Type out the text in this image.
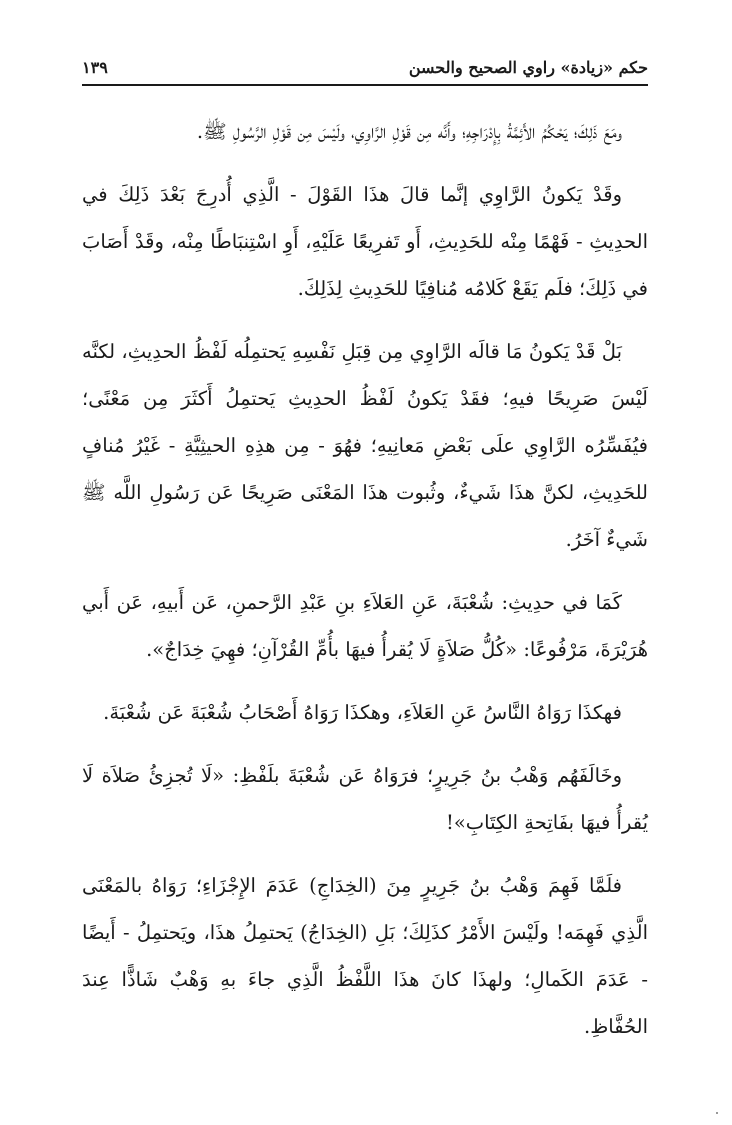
حكم «زيادة» راوي الصحيح والحسن
١٣٩

ومَعَ ذَلِكَ؛ يَحْكُمُ الأَئِمَّةُ بِإِدْرَاجِهِ؛ وأَنَّه مِن قَوْلِ الرَّاوِي، ولَيْسَ مِن قَوْلِ الرَّسُولِ ﷺ.

وقَدْ يَكونُ الرَّاوِي إنَّما قالَ هذَا القَوْلَ - الَّذِي أُدرِجَ بَعْدَ ذَلِكَ في الحدِيثِ - فَهْمًا مِنْه للحَدِيثِ، أَو تَفرِيعًا عَلَيْهِ، أَوِ اسْتِنبَاطًا مِنْه، وقَدْ أَصَابَ في ذَلِكَ؛ فلَم يَقَعْ كَلامُه مُنافِيًا للحَدِيثِ لِذَلِكَ.

بَلْ قَدْ يَكونُ مَا قالَه الرَّاوِي مِن قِبَلِ نَفْسِهِ يَحتمِلُه لَفْظُ الحدِيثِ، لكنَّه لَيْسَ صَرِيحًا فيهِ؛ فقَدْ يَكونُ لَفْظُ الحدِيثِ يَحتمِلُ أَكثَرَ مِن مَعْنًى؛ فيُفَسِّرُه الرَّاوِي علَى بَعْضِ مَعانِيهِ؛ فهُوَ - مِن هذِهِ الحيثِيَّةِ - غَيْرُ مُنافٍ للحَدِيثِ، لكنَّ هذَا شَيءٌ، وثُبوت هذَا المَعْنَى صَرِيحًا عَن رَسُولِ اللَّه ﷺ شَيءٌ آخَرُ.

كَمَا في حدِيثِ: شُعْبَةَ، عَنِ العَلاَءِ بنِ عَبْدِ الرَّحمنِ، عَن أَبيهِ، عَن أَبي هُرَيْرَةَ، مَرْفُوعًا: «كُلُّ صَلاَةٍ لَا يُقرأُ فيهَا بأُمِّ القُرْآنِ؛ فهِيَ خِدَاجٌ».

فهكذَا رَوَاهُ النَّاسُ عَنِ العَلاَءِ، وهكذَا رَوَاهُ أَصْحَابُ شُعْبَةَ عَن شُعْبَةَ.

وخَالَفَهُم وَهْبُ بنُ جَرِيرٍ؛ فرَوَاهُ عَن شُعْبَةَ بلَفْظِ: «لَا تُجزِئُ صَلاَة لَا يُقرأُ فيهَا بفَاتِحةِ الكِتَابِ»!

فلَمَّا فَهِمَ وَهْبُ بنُ جَرِيرٍ مِنَ (الخِدَاجِ) عَدَمَ الإِجْزَاءِ؛ رَوَاهُ بالمَعْنَى الَّذِي فَهِمَه! ولَيْسَ الأَمْرُ كذَلِكَ؛ بَلِ (الخِدَاجُ) يَحتمِلُ هذَا، ويَحتمِلُ - أَيضًا - عَدَمَ الكَمالِ؛ ولهذَا كانَ هذَا اللَّفْظُ الَّذِي جاءَ بهِ وَهْبٌ شَاذًّا عِندَ الحُفَّاظِ.
